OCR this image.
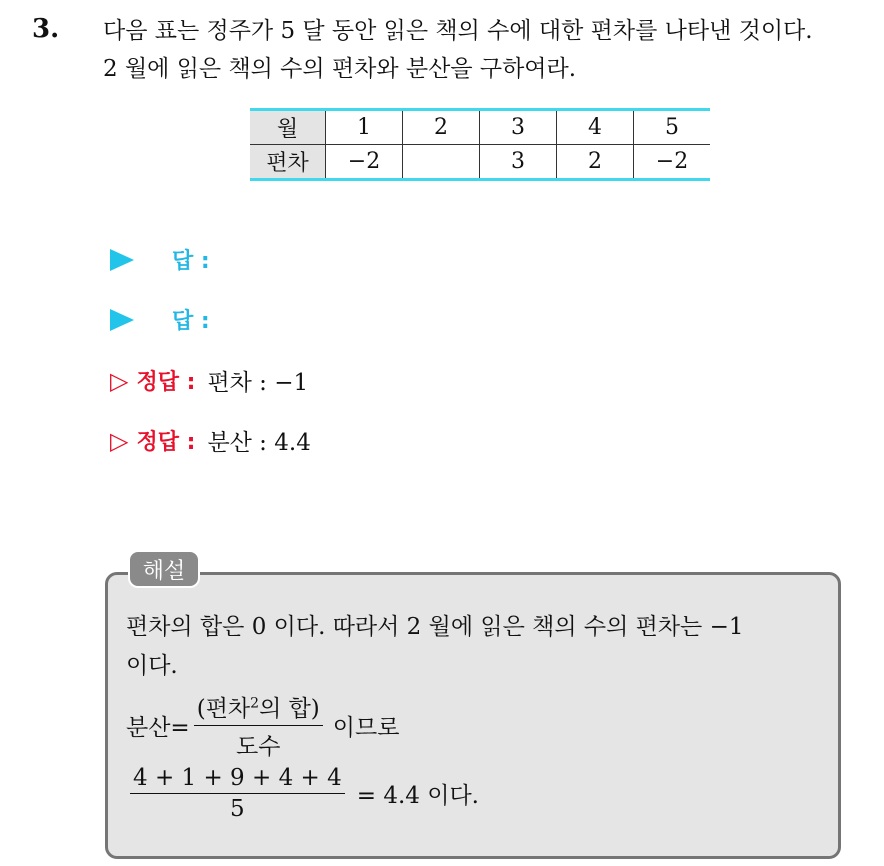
3. 다음 표는 정주가 5 달 동안 읽은 책의 수에 대한 편차를 나타낸 것이다.
2 월에 읽은 책의 수의 편차와 분산을 구하여라.
월	1	2	3	4	5
편차	−2		3	2	−2
답 :
답 :
▷ 정답 : 편차 : −1
▷ 정답 : 분산 : 4.4
해설
편차의 합은 0 이다. 따라서 2 월에 읽은 책의 수의 편차는 −1
이다.
분산= $\frac{(편차^2의 합)}{\text{도수}}$ 이므로
$\frac{4 + 1 + 9 + 4 + 4}{5} = 4.4$ 이다.
